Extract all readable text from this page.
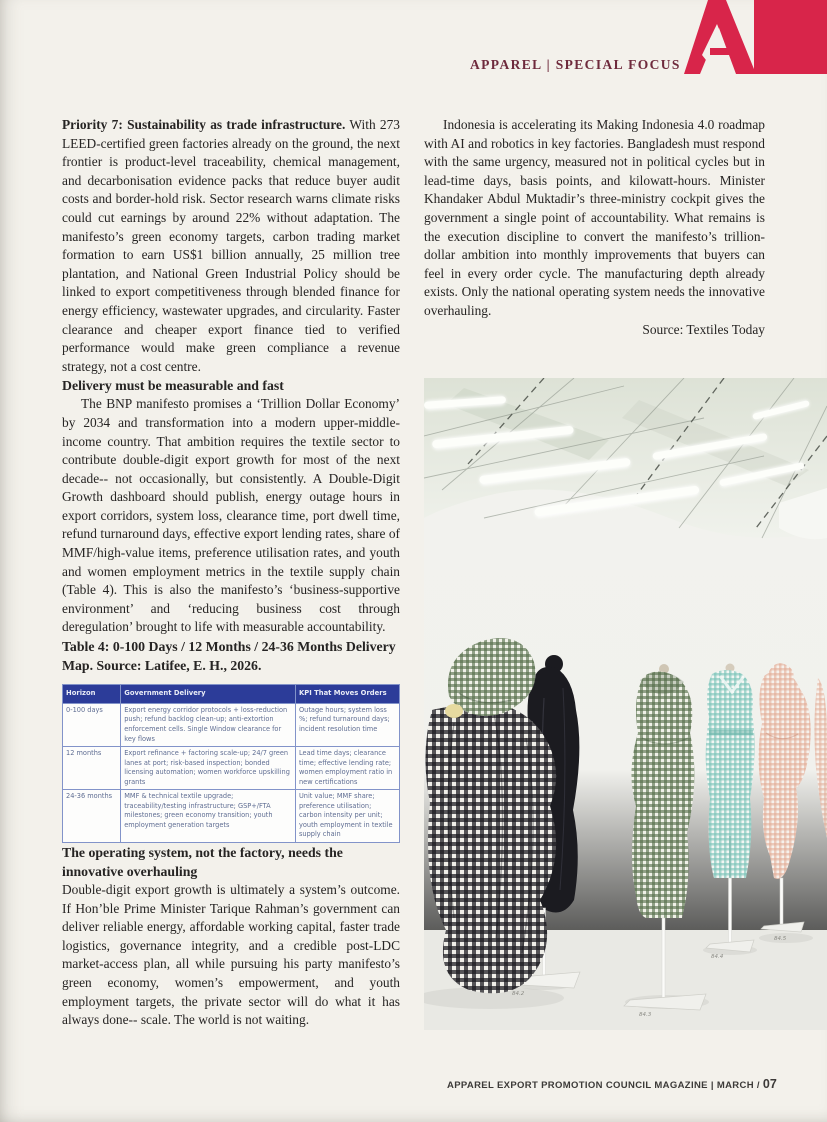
APPAREL | SPECIAL FOCUS

Priority 7: Sustainability as trade infrastructure. With 273 LEED-certified green factories already on the ground, the next frontier is product-level traceability, chemical management, and decarbonisation evidence packs that reduce buyer audit costs and border-hold risk. Sector research warns climate risks could cut earnings by around 22% without adaptation. The manifesto’s green economy targets, carbon trading market formation to earn US$1 billion annually, 25 million tree plantation, and National Green Industrial Policy should be linked to export competitiveness through blended finance for energy efficiency, wastewater upgrades, and circularity. Faster clearance and cheaper export finance tied to verified performance would make green compliance a revenue strategy, not a cost centre.

Delivery must be measurable and fast

The BNP manifesto promises a ‘Trillion Dollar Economy’ by 2034 and transformation into a modern upper-middle-income country. That ambition requires the textile sector to contribute double-digit export growth for most of the next decade-- not occasionally, but consistently. A Double-Digit Growth dashboard should publish, energy outage hours in export corridors, system loss, clearance time, port dwell time, refund turnaround days, effective export lending rates, share of MMF/high-value items, preference utilisation rates, and youth and women employment metrics in the textile supply chain (Table 4). This is also the manifesto’s ‘business-supportive environment’ and ‘reducing business cost through deregulation’ brought to life with measurable accountability.

Table 4: 0-100 Days / 12 Months / 24-36 Months Delivery Map. Source: Latifee, E. H., 2026.

Horizon	Government Delivery	KPI That Moves Orders
0-100 days	Export energy corridor protocols + loss-reduction push; refund backlog clean-up; anti-extortion enforcement cells. Single Window clearance for key flows	Outage hours; system loss %; refund turnaround days; incident resolution time
12 months	Export refinance + factoring scale-up; 24/7 green lanes at port; risk-based inspection; bonded licensing automation; women workforce upskilling grants	Lead time days; clearance time; effective lending rate; women employment ratio in new certifications
24-36 months	MMF & technical textile upgrade; traceability/testing infrastructure; GSP+/FTA milestones; green economy transition; youth employment generation targets	Unit value; MMF share; preference utilisation; carbon intensity per unit; youth employment in textile supply chain

The operating system, not the factory, needs the innovative overhauling

Double-digit export growth is ultimately a system’s outcome. If Hon’ble Prime Minister Tarique Rahman’s government can deliver reliable energy, affordable working capital, faster trade logistics, governance integrity, and a credible post-LDC market-access plan, all while pursuing his party manifesto’s green economy, women’s empowerment, and youth employment targets, the private sector will do what it has always done-- scale. The world is not waiting.

Indonesia is accelerating its Making Indonesia 4.0 roadmap with AI and robotics in key factories. Bangladesh must respond with the same urgency, measured not in political cycles but in lead-time days, basis points, and kilowatt-hours. Minister Khandaker Abdul Muktadir’s three-ministry cockpit gives the government a single point of accountability. What remains is the execution discipline to convert the manifesto’s trillion-dollar ambition into monthly improvements that buyers can feel in every order cycle. The manufacturing depth already exists. Only the national operating system needs the innovative overhauling.

Source: Textiles Today

84.2
84.3
84.4
84.5
APPAREL EXPORT PROMOTION COUNCIL MAGAZINE | MARCH / 07
